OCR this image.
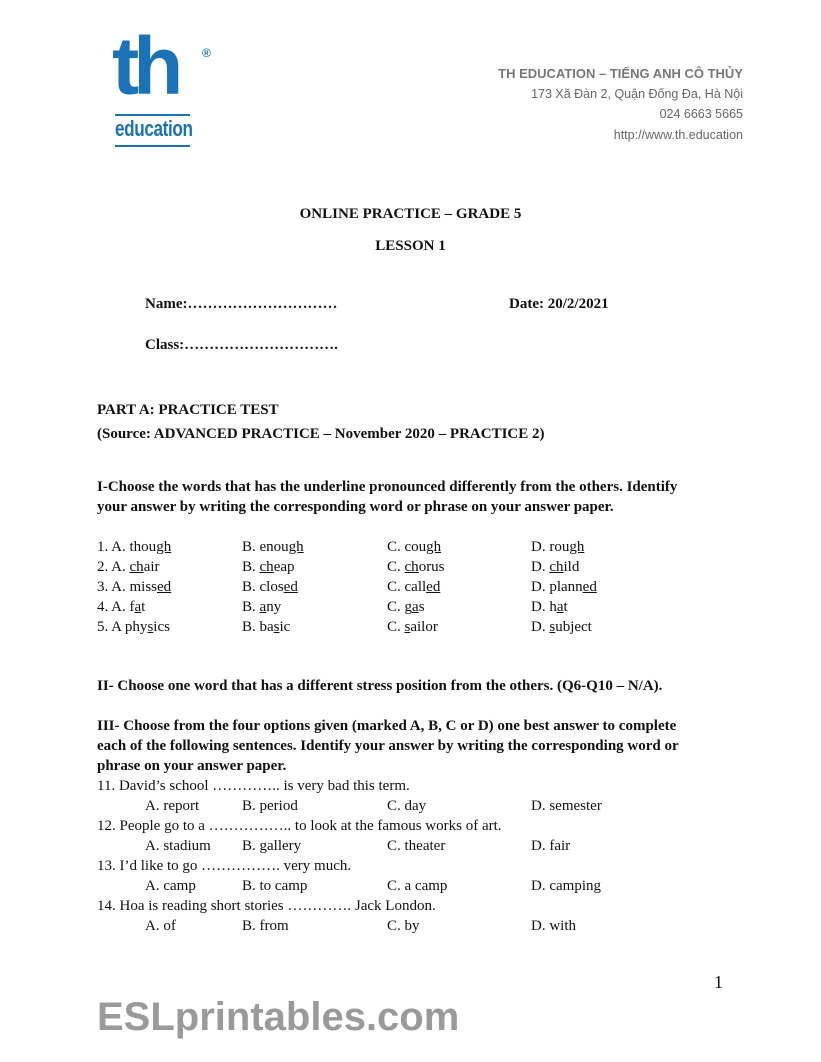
th ®
education
TH EDUCATION – TIẾNG ANH CÔ THỦY
173 Xã Đàn 2, Quận Đống Đa, Hà Nội
024 6663 5665
http://www.th.education
ONLINE PRACTICE – GRADE 5
LESSON 1
Name:…………………………	Date: 20/2/2021
Class:………………………….
PART A: PRACTICE TEST
(Source: ADVANCED PRACTICE – November 2020 – PRACTICE 2)
I-Choose the words that has the underline pronounced differently from the others. Identify
your answer by writing the corresponding word or phrase on your answer paper.
1. A. though	B. enough	C. cough	D. rough
2. A. chair	B. cheap	C. chorus	D. child
3. A. missed	B. closed	C. called	D. planned
4. A. fat	B. any	C. gas	D. hat
5. A physics	B. basic	C. sailor	D. subject
II- Choose one word that has a different stress position from the others. (Q6-Q10 – N/A).
III- Choose from the four options given (marked A, B, C or D) one best answer to complete
each of the following sentences. Identify your answer by writing the corresponding word or
phrase on your answer paper.
11. David’s school ………….. is very bad this term.
A. report	B. period	C. day	D. semester
12. People go to a …………….. to look at the famous works of art.
A. stadium B. gallery	C. theater	D. fair
13. I’d like to go ……………. very much.
A. camp	B. to camp	C. a camp	D. camping
14. Hoa is reading short stories …………. Jack London.
A. of	B. from	C. by	D. with
1
ESLprintables.com
